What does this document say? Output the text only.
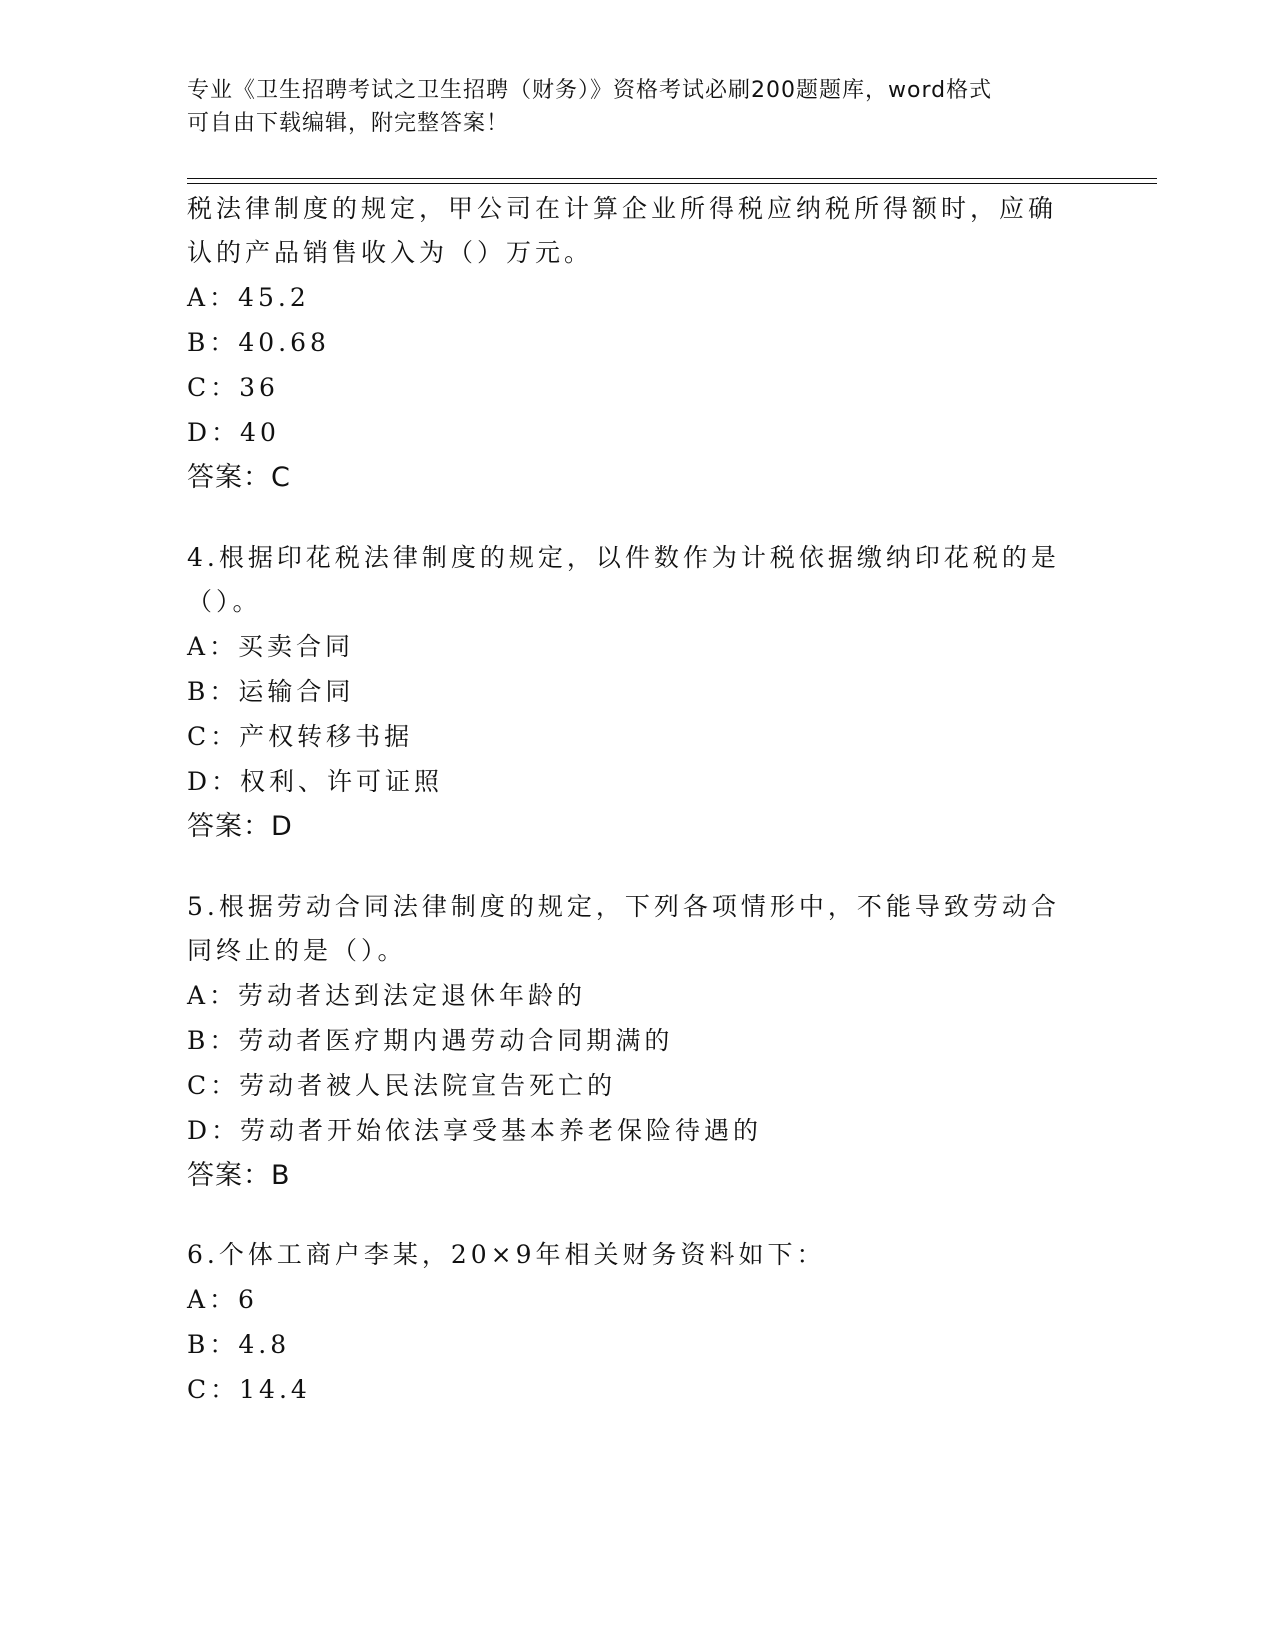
专业《卫生招聘考试之卫生招聘（财务）》资格考试必刷200题题库，word格式
可自由下载编辑，附完整答案！
税法律制度的规定，甲公司在计算企业所得税应纳税所得额时，应确
认的产品销售收入为（）万元。
A：45.2
B：40.68
C：36
D：40
答案：C
4.根据印花税法律制度的规定，以件数作为计税依据缴纳印花税的是
（）。
A：买卖合同
B：运输合同
C：产权转移书据
D：权利、许可证照
答案：D
5.根据劳动合同法律制度的规定，下列各项情形中，不能导致劳动合
同终止的是（）。
A：劳动者达到法定退休年龄的
B：劳动者医疗期内遇劳动合同期满的
C：劳动者被人民法院宣告死亡的
D：劳动者开始依法享受基本养老保险待遇的
答案：B
6.个体工商户李某，20×9年相关财务资料如下：
A：6
B：4.8
C：14.4
